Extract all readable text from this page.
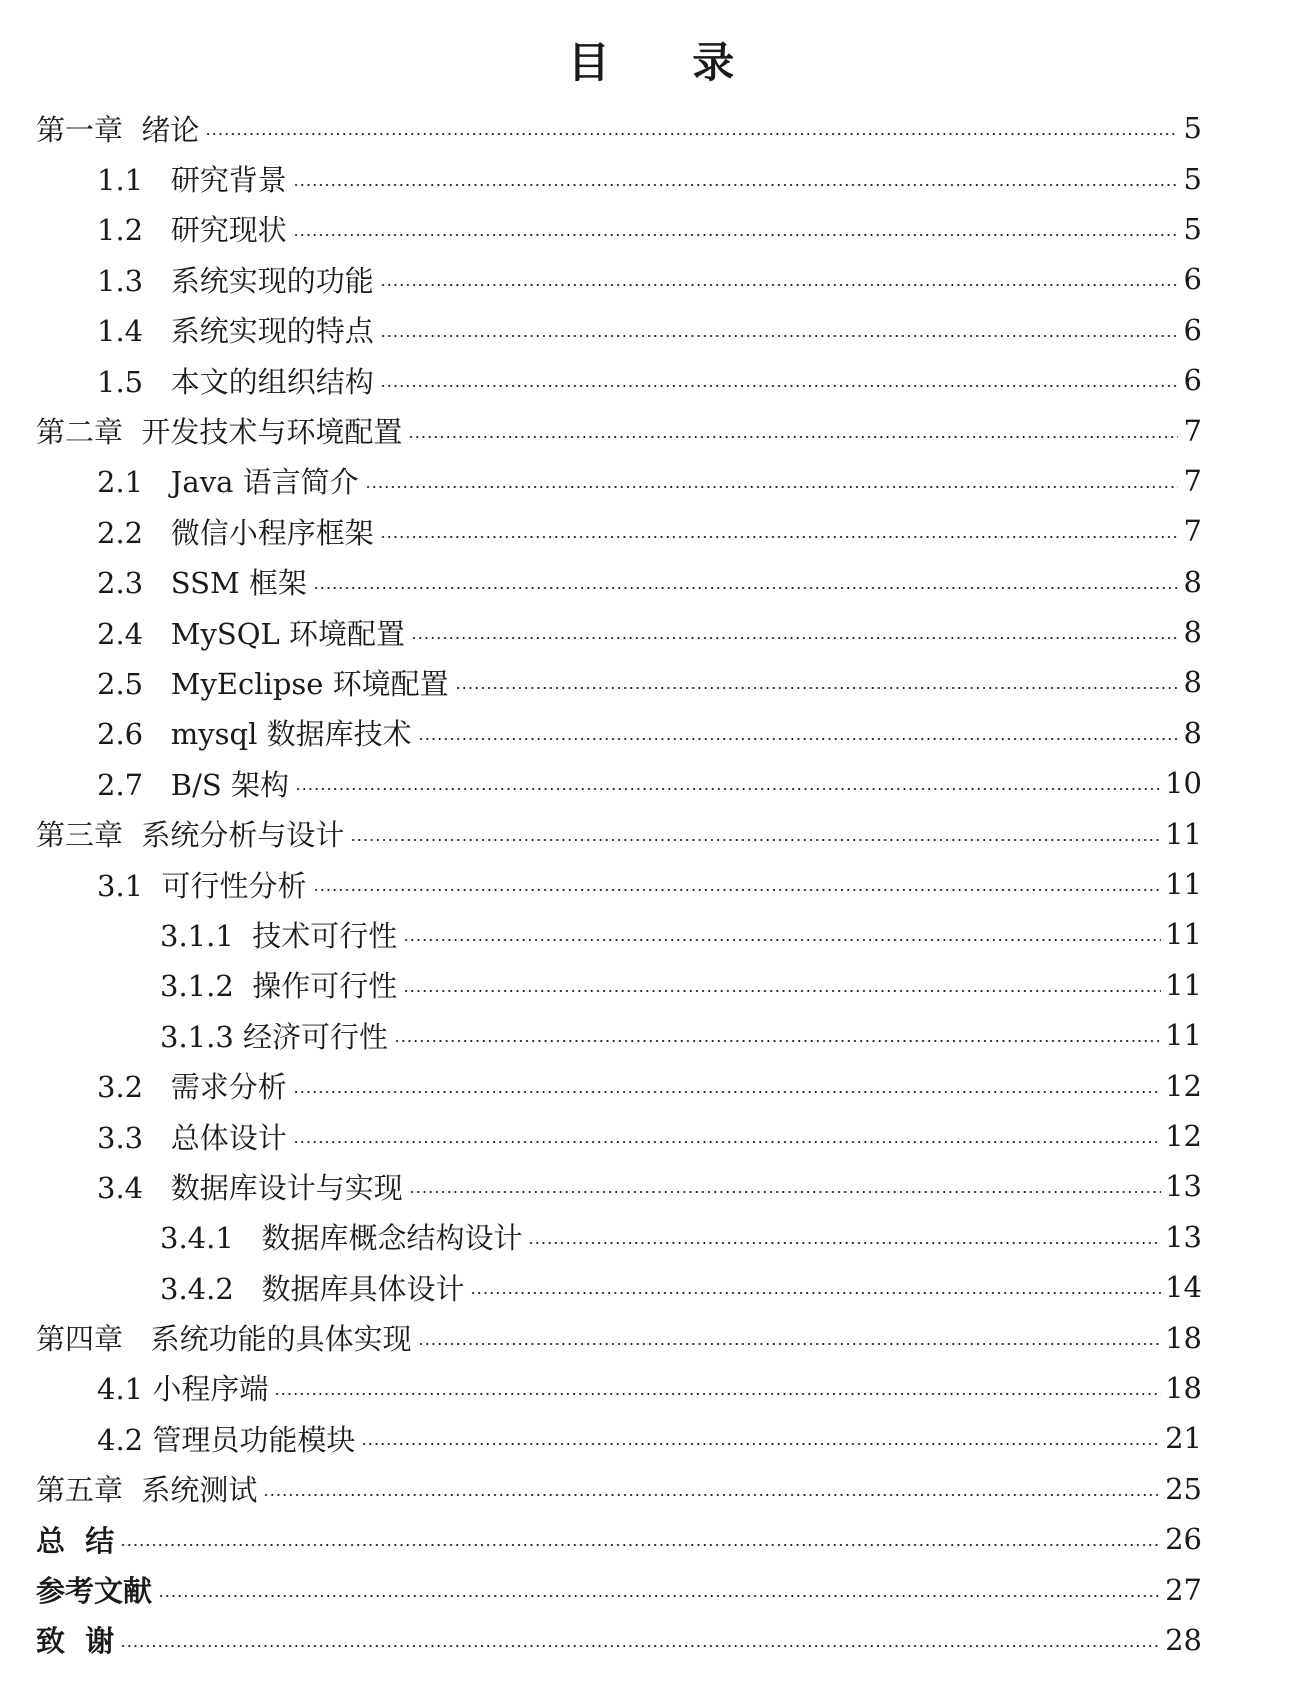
目 录
第一章  绪论	5
1.1   研究背景	5
1.2   研究现状	5
1.3   系统实现的功能	6
1.4   系统实现的特点	6
1.5   本文的组织结构	6
第二章  开发技术与环境配置	7
2.1   Java 语言简介	7
2.2   微信小程序框架	7
2.3   SSM 框架	8
2.4   MySQL 环境配置	8
2.5   MyEclipse 环境配置	8
2.6   mysql 数据库技术	8
2.7   B/S 架构	10
第三章  系统分析与设计	11
3.1  可行性分析	11
3.1.1  技术可行性	11
3.1.2  操作可行性	11
3.1.3 经济可行性	11
3.2   需求分析	12
3.3   总体设计	12
3.4   数据库设计与实现	13
3.4.1   数据库概念结构设计	13
3.4.2   数据库具体设计	14
第四章   系统功能的具体实现	18
4.1 小程序端	18
4.2 管理员功能模块	21
第五章  系统测试	25
总  结	26
参考文献	27
致  谢	28
